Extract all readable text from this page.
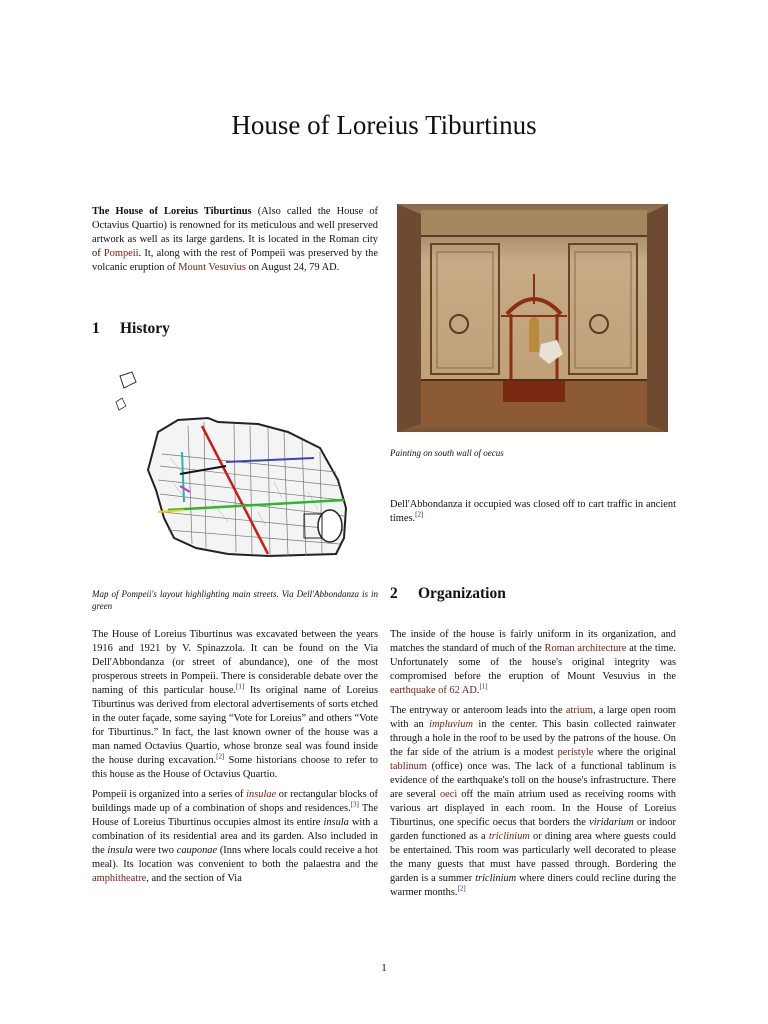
House of Loreius Tiburtinus

The House of Loreius Tiburtinus (Also called the House of Octavius Quartio) is renowned for its meticulous and well preserved artwork as well as its large gardens. It is located in the Roman city of Pompeii. It, along with the rest of Pompeii was preserved by the volcanic eruption of Mount Vesuvius on August 24, 79 AD.

1 History
Map of Pompeii's layout highlighting main streets. Via Dell'Abbondanza is in green

The House of Loreius Tiburtinus was excavated between the years 1916 and 1921 by V. Spinazzola. It can be found on the Via Dell'Abbondanza (or street of abundance), one of the most prosperous streets in Pompeii. There is considerable debate over the naming of this particular house.[1] Its original name of Loreius Tiburtinus was derived from electoral advertisements of sorts etched in the outer façade, some saying “Vote for Loreius” and others “Vote for Tiburtinus.” In fact, the last known owner of the house was a man named Octavius Quartio, whose bronze seal was found inside the house during excavation.[2] Some historians choose to refer to this house as the House of Octavius Quartio.

Pompeii is organized into a series of insulae or rectangular blocks of buildings made up of a combination of shops and residences.[3] The House of Loreius Tiburtinus occupies almost its entire insula with a combination of its residential area and its garden. Also included in the insula were two cauponae (Inns where locals could receive a hot meal). Its location was convenient to both the palaestra and the amphitheatre, and the section of Via

Painting on south wall of oecus

Dell'Abbondanza it occupied was closed off to cart traffic in ancient times.[2]

2 Organization

The inside of the house is fairly uniform in its organization, and matches the standard of much of the Roman architecture at the time. Unfortunately some of the house's original integrity was compromised before the eruption of Mount Vesuvius in the earthquake of 62 AD.[1]

The entryway or anteroom leads into the atrium, a large open room with an impluvium in the center. This basin collected rainwater through a hole in the roof to be used by the patrons of the house. On the far side of the atrium is a modest peristyle where the original tablinum (office) once was. The lack of a functional tablinum is evidence of the earthquake's toll on the house's infrastructure. There are several oeci off the main atrium used as receiving rooms with various art displayed in each room. In the House of Loreius Tiburtinus, one specific oecus that borders the viridarium or indoor garden functioned as a triclinium or dining area where guests could be entertained. This room was particularly well decorated to please the many guests that must have passed through. Bordering the garden is a summer triclinium where diners could recline during the warmer months.[2]

1
